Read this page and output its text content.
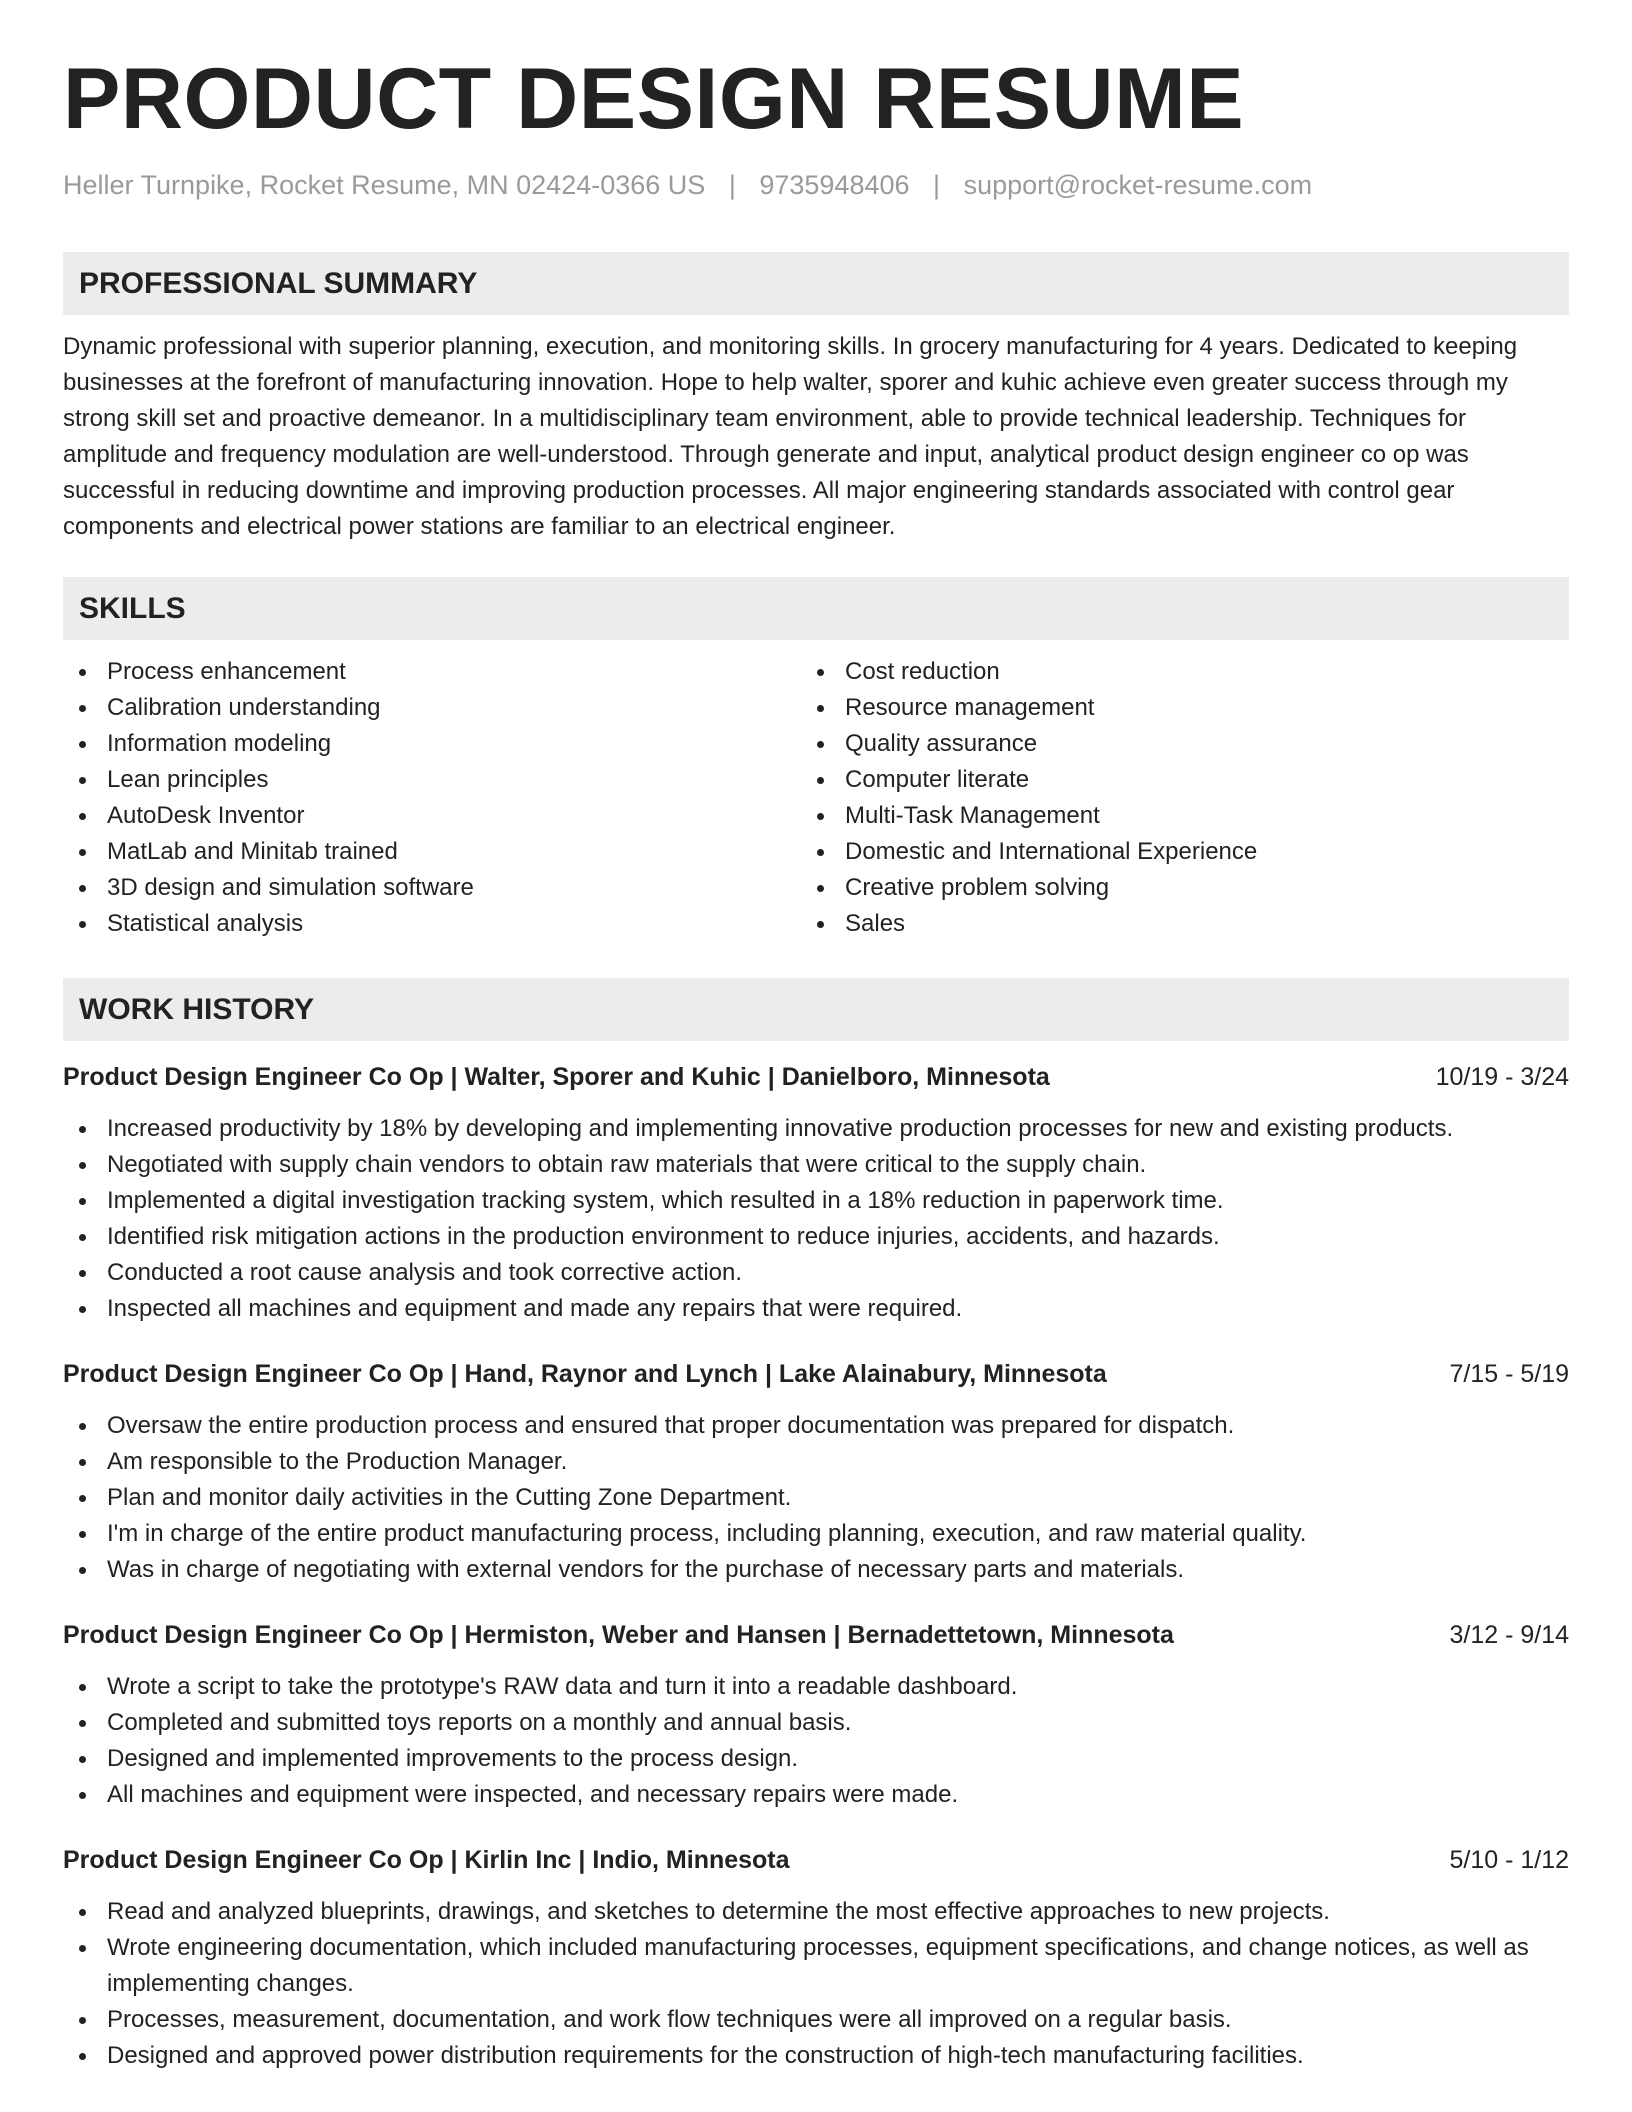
PRODUCT DESIGN RESUME
Heller Turnpike, Rocket Resume, MN 02424-0366 US | 9735948406 | support@rocket-resume.com
PROFESSIONAL SUMMARY

Dynamic professional with superior planning, execution, and monitoring skills. In grocery manufacturing for 4 years. Dedicated to keeping businesses at the forefront of manufacturing innovation. Hope to help walter, sporer and kuhic achieve even greater success through my strong skill set and proactive demeanor. In a multidisciplinary team environment, able to provide technical leadership. Techniques for amplitude and frequency modulation are well-understood. Through generate and input, analytical product design engineer co op was successful in reducing downtime and improving production processes. All major engineering standards associated with control gear components and electrical power stations are familiar to an electrical engineer.

SKILLS
Process enhancement
Calibration understanding
Information modeling
Lean principles
AutoDesk Inventor
MatLab and Minitab trained
3D design and simulation software
Statistical analysis
Cost reduction
Resource management
Quality assurance
Computer literate
Multi-Task Management
Domestic and International Experience
Creative problem solving
Sales
WORK HISTORY
Product Design Engineer Co Op | Walter, Sporer and Kuhic | Danielboro, Minnesota	10/19 - 3/24
Increased productivity by 18% by developing and implementing innovative production processes for new and existing products.
Negotiated with supply chain vendors to obtain raw materials that were critical to the supply chain.
Implemented a digital investigation tracking system, which resulted in a 18% reduction in paperwork time.
Identified risk mitigation actions in the production environment to reduce injuries, accidents, and hazards.
Conducted a root cause analysis and took corrective action.
Inspected all machines and equipment and made any repairs that were required.
Product Design Engineer Co Op | Hand, Raynor and Lynch | Lake Alainabury, Minnesota	7/15 - 5/19
Oversaw the entire production process and ensured that proper documentation was prepared for dispatch.
Am responsible to the Production Manager.
Plan and monitor daily activities in the Cutting Zone Department.
I'm in charge of the entire product manufacturing process, including planning, execution, and raw material quality.
Was in charge of negotiating with external vendors for the purchase of necessary parts and materials.
Product Design Engineer Co Op | Hermiston, Weber and Hansen | Bernadettetown, Minnesota	3/12 - 9/14
Wrote a script to take the prototype's RAW data and turn it into a readable dashboard.
Completed and submitted toys reports on a monthly and annual basis.
Designed and implemented improvements to the process design.
All machines and equipment were inspected, and necessary repairs were made.
Product Design Engineer Co Op | Kirlin Inc | Indio, Minnesota	5/10 - 1/12
Read and analyzed blueprints, drawings, and sketches to determine the most effective approaches to new projects.
Wrote engineering documentation, which included manufacturing processes, equipment specifications, and change notices, as well as implementing changes.
Processes, measurement, documentation, and work flow techniques were all improved on a regular basis.
Designed and approved power distribution requirements for the construction of high-tech manufacturing facilities.
